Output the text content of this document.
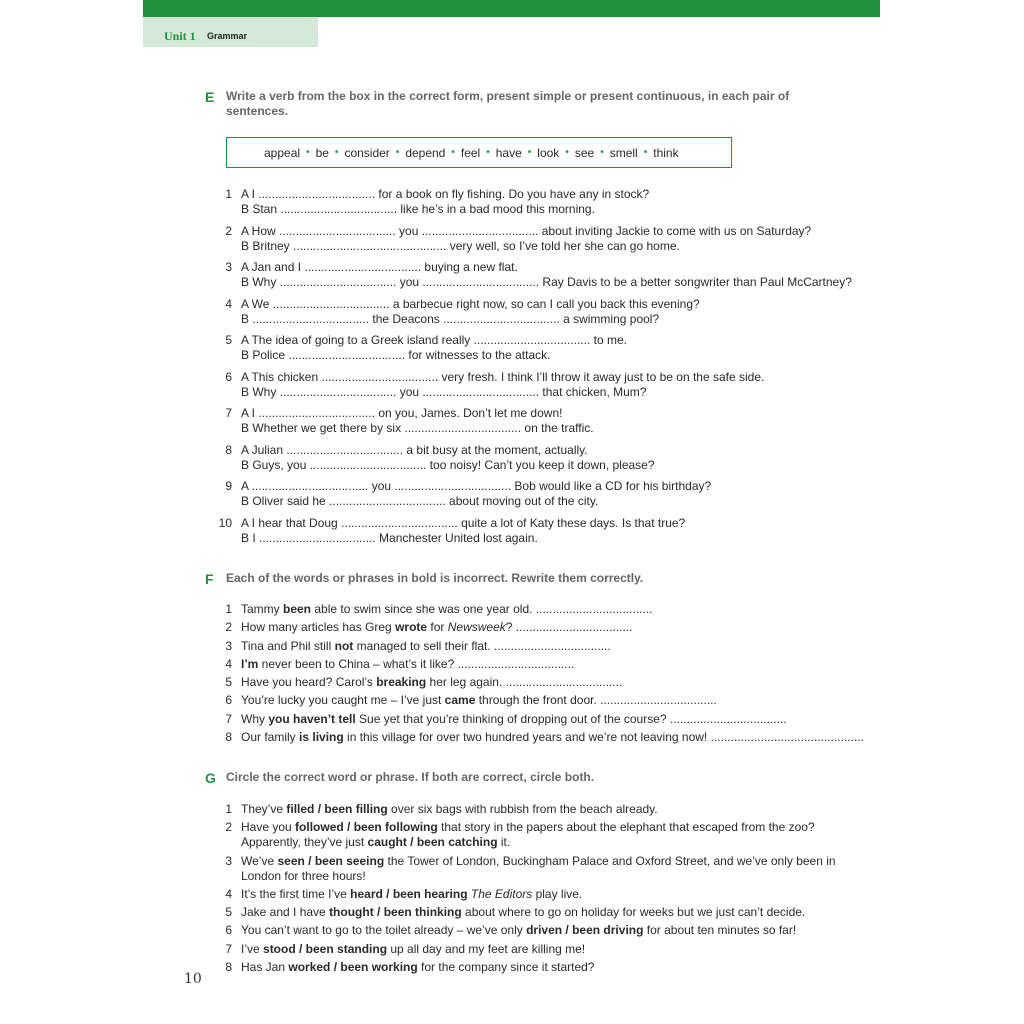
Unit 1 Grammar
E Write a verb from the box in the correct form, present simple or present continuous, in each pair of sentences.
appeal • be • consider • depend • feel • have • look • see • smell • think
1 A I ................................... for a book on fly fishing. Do you have any in stock?
B Stan ................................... like he’s in a bad mood this morning.
2 A How ................................... you ................................... about inviting Jackie to come with us on Saturday?
B Britney .............................................. very well, so I’ve told her she can go home.
3 A Jan and I ................................... buying a new flat.
B Why ................................... you ................................... Ray Davis to be a better songwriter than Paul McCartney?
4 A We ................................... a barbecue right now, so can I call you back this evening?
B ................................... the Deacons ................................... a swimming pool?
5 A The idea of going to a Greek island really ................................... to me.
B Police ................................... for witnesses to the attack.
6 A This chicken ................................... very fresh. I think I’ll throw it away just to be on the safe side.
B Why ................................... you ................................... that chicken, Mum?
7 A I ................................... on you, James. Don’t let me down!
B Whether we get there by six ................................... on the traffic.
8 A Julian ................................... a bit busy at the moment, actually.
B Guys, you ................................... too noisy! Can’t you keep it down, please?
9 A ................................... you ................................... Bob would like a CD for his birthday?
B Oliver said he ................................... about moving out of the city.
10 A I hear that Doug ................................... quite a lot of Katy these days. Is that true?
B I ................................... Manchester United lost again.
F Each of the words or phrases in bold is incorrect. Rewrite them correctly.
1 Tammy been able to swim since she was one year old. ...................................
2 How many articles has Greg wrote for Newsweek? ...................................
3 Tina and Phil still not managed to sell their flat. ...................................
4 I’m never been to China – what’s it like? ...................................
5 Have you heard? Carol’s breaking her leg again. ...................................
6 You’re lucky you caught me – I’ve just came through the front door. ...................................
7 Why you haven’t tell Sue yet that you’re thinking of dropping out of the course? ...................................
8 Our family is living in this village for over two hundred years and we’re not leaving now! ..............................................
G Circle the correct word or phrase. If both are correct, circle both.
1 They’ve filled / been filling over six bags with rubbish from the beach already.
2 Have you followed / been following that story in the papers about the elephant that escaped from the zoo?
Apparently, they’ve just caught / been catching it.
3 We’ve seen / been seeing the Tower of London, Buckingham Palace and Oxford Street, and we’ve only been in
London for three hours!
4 It’s the first time I’ve heard / been hearing The Editors play live.
5 Jake and I have thought / been thinking about where to go on holiday for weeks but we just can’t decide.
6 You can’t want to go to the toilet already – we’ve only driven / been driving for about ten minutes so far!
7 I’ve stood / been standing up all day and my feet are killing me!
8 Has Jan worked / been working for the company since it started?
10
